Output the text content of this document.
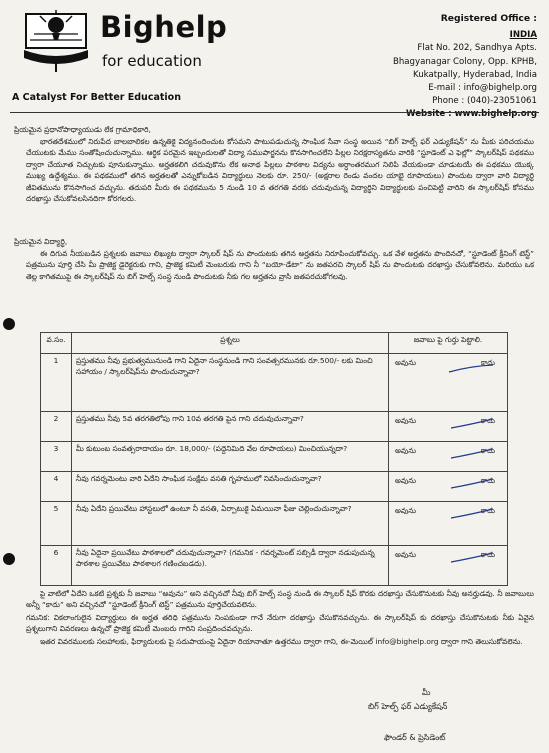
Bighelp
for education
A Catalyst For Better Education
Registered Office :
INDIA
Flat No. 202, Sandhya Apts.
Bhagyanagar Colony, Opp. KPHB,
Kukatpally, Hyderabad, India
E-mail : info@bighelp.org
Phone : (040)-23051061
Website : www.bighelp.org
ప్రియమైన ప్రధానోపాధ్యాయుడు లేక గ్రామాధికారి,
భారతదేశములో నిరుపేద బాలబాలికల ఉన్నతికై విద్యనందించుట కోసమని పాటుపడుచున్న సాంఘిక సేవా సంస్థ అయిన “బిగ్ హెల్ప్ ఫర్ ఎడ్యుకేషన్” ను మీకు పరిచయము చేయుటకు మేము సంతోషించుచున్నాము. ఆర్థిక పరమైన ఇబ్బందులతో విద్యా సముపార్జనను కొనసాగించలేని పిల్లల నిరక్షరాస్యతను వారికి “స్టూడెంట్ ఎ ఫెల్లో” స్కాలర్‌షిప్ పథకము ద్వారా చేయూత నిచ్చుటకు పూనుకున్నాము. అర్హతకలిగి చదువుకొను లేక అనాథ పిల్లలు పాఠశాల విద్యను అర్ధాంతరముగ నిలిపి వేయకుండా చూడుటయే ఈ పథకము యొక్క ముఖ్య ఉద్దేశ్యము. ఈ పథకములో తగిన అర్హతలతో ఎన్నుకోబడిన విద్యార్థులు నెలకు రూ. 250/- (అక్షరాల రెండు వందల యాభై రూపాయలు) పొందుట ద్వారా వారి విద్యార్థి జీవితమును కొనసాగించ వచ్చును. తదుపరి మీరు ఈ పథకమును 5 నుండి 10 వ తరగతి వరకు చదువుచున్న విద్యార్థిని విద్యార్థులకు పంచిపెట్టి వారిని ఈ స్కాలర్‌షిప్ కోసము దరఖాస్తు చేసుకోవలసినదిగా కోరగలరు.
ప్రియమైన విద్యార్థి,
ఈ దిగువ నీయబడిన ప్రశ్నలకు జవాబు లిఖ్యుట ద్వారా స్కాలర్ షిప్ ను పొందుటకు తగిన అర్హతను నిరూపించుకోవచ్చు. ఒక వేళ అర్హతను పొందినచో, “స్టూడెంట్ క్రీనింగ్ టెస్ట్” పత్రమును పూర్తి చేసి మీ ప్రాజెక్ట డైరెక్టరుకు గాని, ప్రాజెక్ట కమిటీ మెంబరుకు గాని నీ “బయో-డేటా” ను జతపరచి స్కాలర్ షిప్ ను పొందుటకు దరఖాస్తు చేసుకోవలెను. మరియు ఒక తెల్ల కాగితముపై ఈ స్కాలర్‌షిప్ ను బిగ్ హెల్ప్ సంస్థ నుండి పొందుటకు నీకు గల అర్హతను వ్రాసి జతపరచుకోగలవు.
వ.సం.	ప్రశ్నలు	జవాబు పై గుర్తు పెట్టాలి.
1	ప్రస్తుతము నీవు ప్రభుత్వమునుండి గాని ఏదైనా సంస్థనుండి గాని సంవత్సరమునకు రూ.500/- లకు మించి సహాయం / స్కాలర్‌షిప్‌ను పొందుచున్నావా?	అవును కాదు

2	ప్రస్తుతము నీవు 5వ తరగతిలోపు గాని 10వ తరగతి పైన గాని చదువుచున్నావా?	అవును కాదు

3	మీ కుటుంబ సంవత్సరాదాయం రూ. 18,000/- (పద్దెనిమిది వేల రూపాయలు) మించియున్నదా?	అవును కాదు

4	నీవు గవర్నమెంటు వారి ఏదేని సాంఘిక సంక్షేమ వసతి గృహములో నివసించుచున్నావా?	అవును కాదు

5	నీవు ఏదేని ప్రయివేటు హాస్టలులో ఉంటూ నీ వసతి, ఏర్పాటుకై ఏమయినా ఫీజు చెల్లించుచున్నావా?	అవును కాదు

6	నీవు ఏదైనా ప్రయివేటు పాఠశాలలో చదువుచున్నావా? (గమనిక - గవర్నమెంట్ సబ్సిడీ ద్వారా నడుపుచున్న పాఠశాల ప్రయివేటు పాఠశాలగ గణించబడదు).	అవును కాదు
పై వాటిలో ఏదేని ఒకటి ప్రశ్నకు నీ జవాబు “అవును” అని వచ్చినచో నీవు బిగ్ హెల్ప్ సంస్థ నుండి ఈ స్కాలర్ షిప్ కొరకు దరఖాస్తు చేసుకొనుటకు నీవు అనర్హుడవు. నీ జవాబులు అన్నీ “కాదు” అని వచ్చినచో “స్టూడెంట్ క్రీనింగ్ టెస్ట్” పత్రమును పూర్తిచేయవలెను.
గమనిక: వికలాంగులైన విద్యార్థులు ఈ అర్హత తరిధి పత్రమును నింపకుండా గానే నేరుగా దరఖాస్తు చేసుకొనవచ్చును. ఈ స్కాలర్‌షిప్ కు దరఖాస్తు చేసుకొనుటకు నీకు ఏవైన ప్రశ్నలుగాని వివరణలు ఉన్నచో ప్రాజెక్ట కమిటీ మెంబరు గారిని సంప్రదించవచ్చును.
ఇతర వివరములకు సలహాలకు, ఫిర్యాదులకు పై సదుపాయంపై ఏదైనా రియానాతూ ఉత్తరము ద్వారా గాని, ఈ-మెయిల్ info@bighelp.org ద్వారా గాని తెలుసుకోవలెను.
మీ
బిగ్ హెల్ప్ ఫర్ ఎడ్యుకేషన్
ఫౌండర్ & ప్రెసిడెంట్
